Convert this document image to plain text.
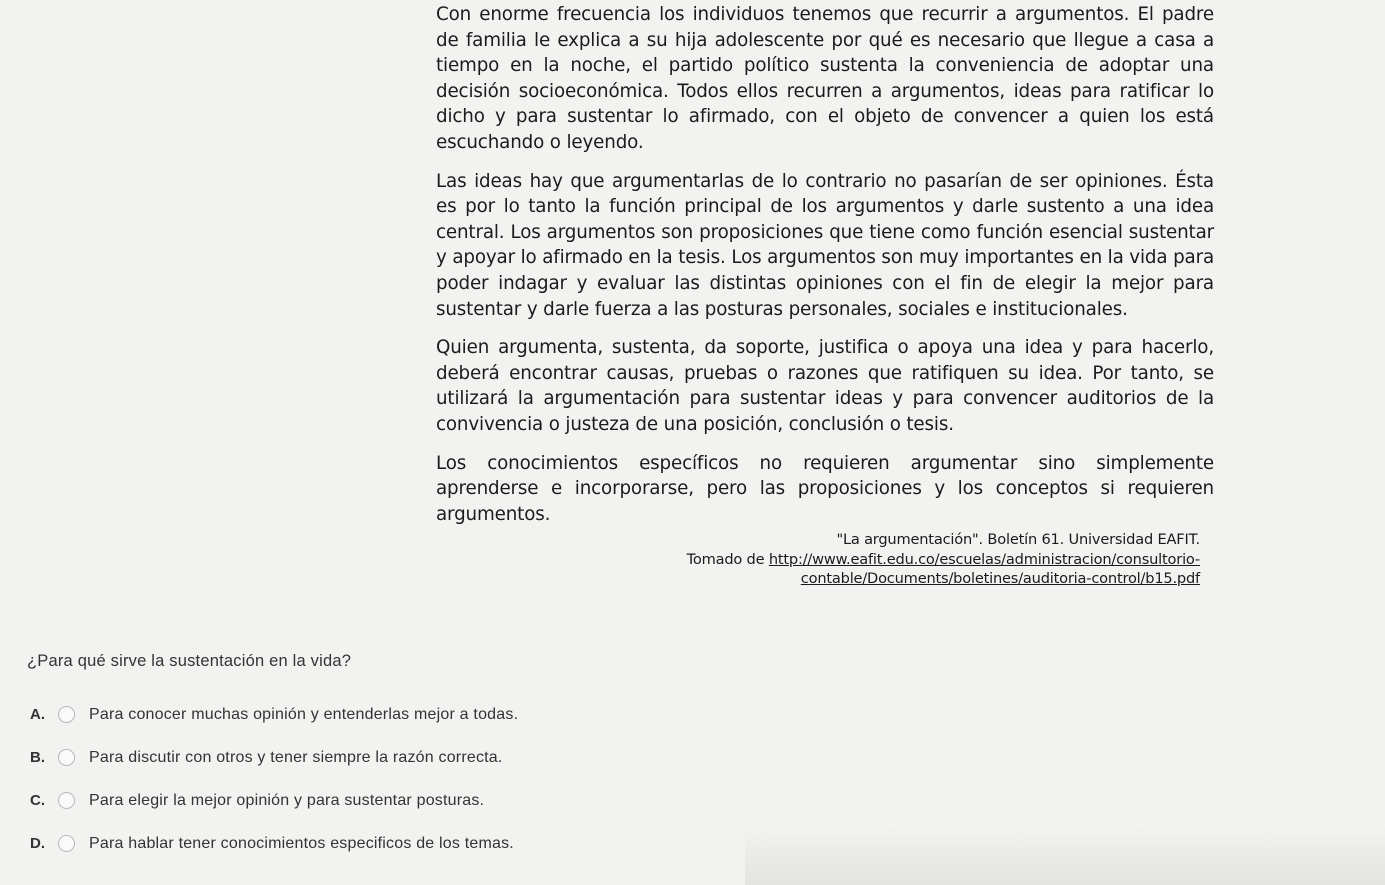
Con enorme frecuencia los individuos tenemos que recurrir a argumentos. El padre de familia le explica a su hija adolescente por qué es necesario que llegue a casa a tiempo en la noche, el partido político sustenta la conveniencia de adoptar una decisión socioeconómica. Todos ellos recurren a argumentos, ideas para ratificar lo dicho y para sustentar lo afirmado, con el objeto de convencer a quien los está escuchando o leyendo.

Las ideas hay que argumentarlas de lo contrario no pasarían de ser opiniones. Ésta es por lo tanto la función principal de los argumentos y darle sustento a una idea central. Los argumentos son proposiciones que tiene como función esencial sustentar y apoyar lo afirmado en la tesis. Los argumentos son muy importantes en la vida para poder indagar y evaluar las distintas opiniones con el fin de elegir la mejor para sustentar y darle fuerza a las posturas personales, sociales e institucionales.

Quien argumenta, sustenta, da soporte, justifica o apoya una idea y para hacerlo, deberá encontrar causas, pruebas o razones que ratifiquen su idea. Por tanto, se utilizará la argumentación para sustentar ideas y para convencer auditorios de la convivencia o justeza de una posición, conclusión o tesis.

Los conocimientos específicos no requieren argumentar sino simplemente aprenderse e incorporarse, pero las proposiciones y los conceptos si requieren argumentos.

"La argumentación". Boletín 61. Universidad EAFIT.
Tomado de http://www.eafit.edu.co/escuelas/administracion/consultorio-
contable/Documents/boletines/auditoria-control/b15.pdf
¿Para qué sirve la sustentación en la vida?
A.	Para conocer muchas opinión y entenderlas mejor a todas.
B.	Para discutir con otros y tener siempre la razón correcta.
C.	Para elegir la mejor opinión y para sustentar posturas.
D.	Para hablar tener conocimientos especificos de los temas.
